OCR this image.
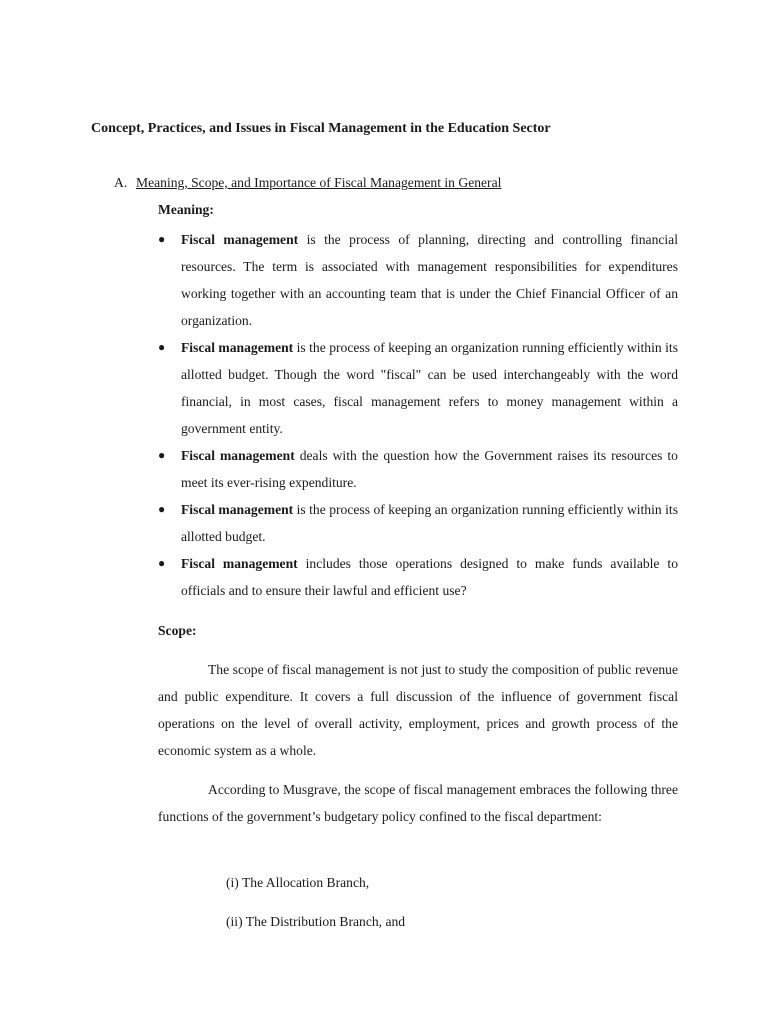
Concept, Practices, and Issues in Fiscal Management in the Education Sector
A. Meaning, Scope, and Importance of Fiscal Management in General
Meaning:
●	Fiscal management is the process of planning, directing and controlling financial resources. The term is associated with management responsibilities for expenditures working together with an accounting team that is under the Chief Financial Officer of an organization.
●	Fiscal management is the process of keeping an organization running efficiently within its allotted budget. Though the word "fiscal" can be used interchangeably with the word financial, in most cases, fiscal management refers to money management within a government entity.
●	Fiscal management deals with the question how the Government raises its resources to meet its ever-rising expenditure.
●	Fiscal management is the process of keeping an organization running efficiently within its allotted budget.
●	Fiscal management includes those operations designed to make funds available to officials and to ensure their lawful and efficient use?
Scope:

The scope of fiscal management is not just to study the composition of public revenue and public expenditure. It covers a full discussion of the influence of government fiscal operations on the level of overall activity, employment, prices and growth process of the economic system as a whole.

According to Musgrave, the scope of fiscal management embraces the following three functions of the government’s budgetary policy confined to the fiscal department:

(i) The Allocation Branch,
(ii) The Distribution Branch, and
